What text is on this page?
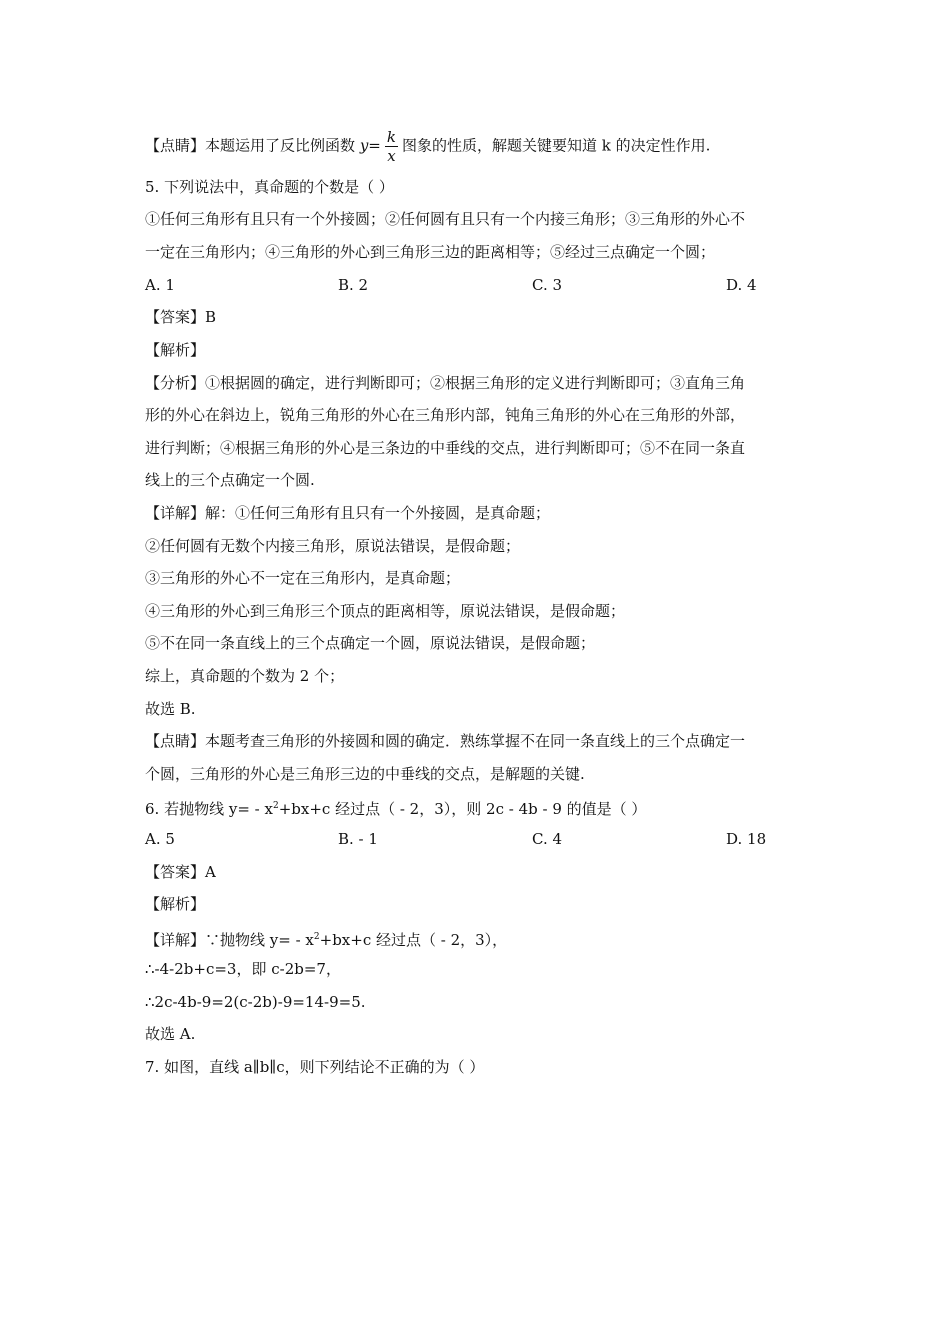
【点睛】本题运用了反比例函数 $y= \frac{k}{x}$ 图象的性质，解题关键要知道 k 的决定性作用.
5. 下列说法中，真命题的个数是（ ）
①任何三角形有且只有一个外接圆；②任何圆有且只有一个内接三角形；③三角形的外心不
一定在三角形内；④三角形的外心到三角形三边的距离相等；⑤经过三点确定一个圆；
A. 1	B. 2	C. 3	D. 4
【答案】B
【解析】
【分析】①根据圆的确定，进行判断即可；②根据三角形的定义进行判断即可；③直角三角
形的外心在斜边上，锐角三角形的外心在三角形内部，钝角三角形的外心在三角形的外部，
进行判断；④根据三角形的外心是三条边的中垂线的交点，进行判断即可；⑤不在同一条直
线上的三个点确定一个圆.
【详解】解：①任何三角形有且只有一个外接圆，是真命题；
②任何圆有无数个内接三角形，原说法错误，是假命题；
③三角形的外心不一定在三角形内，是真命题；
④三角形的外心到三角形三个顶点的距离相等，原说法错误，是假命题；
⑤不在同一条直线上的三个点确定一个圆，原说法错误，是假命题；
综上，真命题的个数为 2 个；
故选 B.
【点睛】本题考查三角形的外接圆和圆的确定．熟练掌握不在同一条直线上的三个点确定一
个圆，三角形的外心是三角形三边的中垂线的交点，是解题的关键.
6. 若抛物线 $y= - x^2+bx+c$ 经过点（ - 2，3），则 2c - 4b - 9 的值是（ ）
A. 5	B. - 1	C. 4	D. 18
【答案】A
【解析】
【详解】∵抛物线 $y= - x^2+bx+c$ 经过点（ - 2，3），
∴-4-2b+c=3，即 c-2b=7，
∴2c-4b-9=2(c-2b)-9=14-9=5.
故选 A.
7. 如图，直线 a∥b∥c，则下列结论不正确的为（ ）
